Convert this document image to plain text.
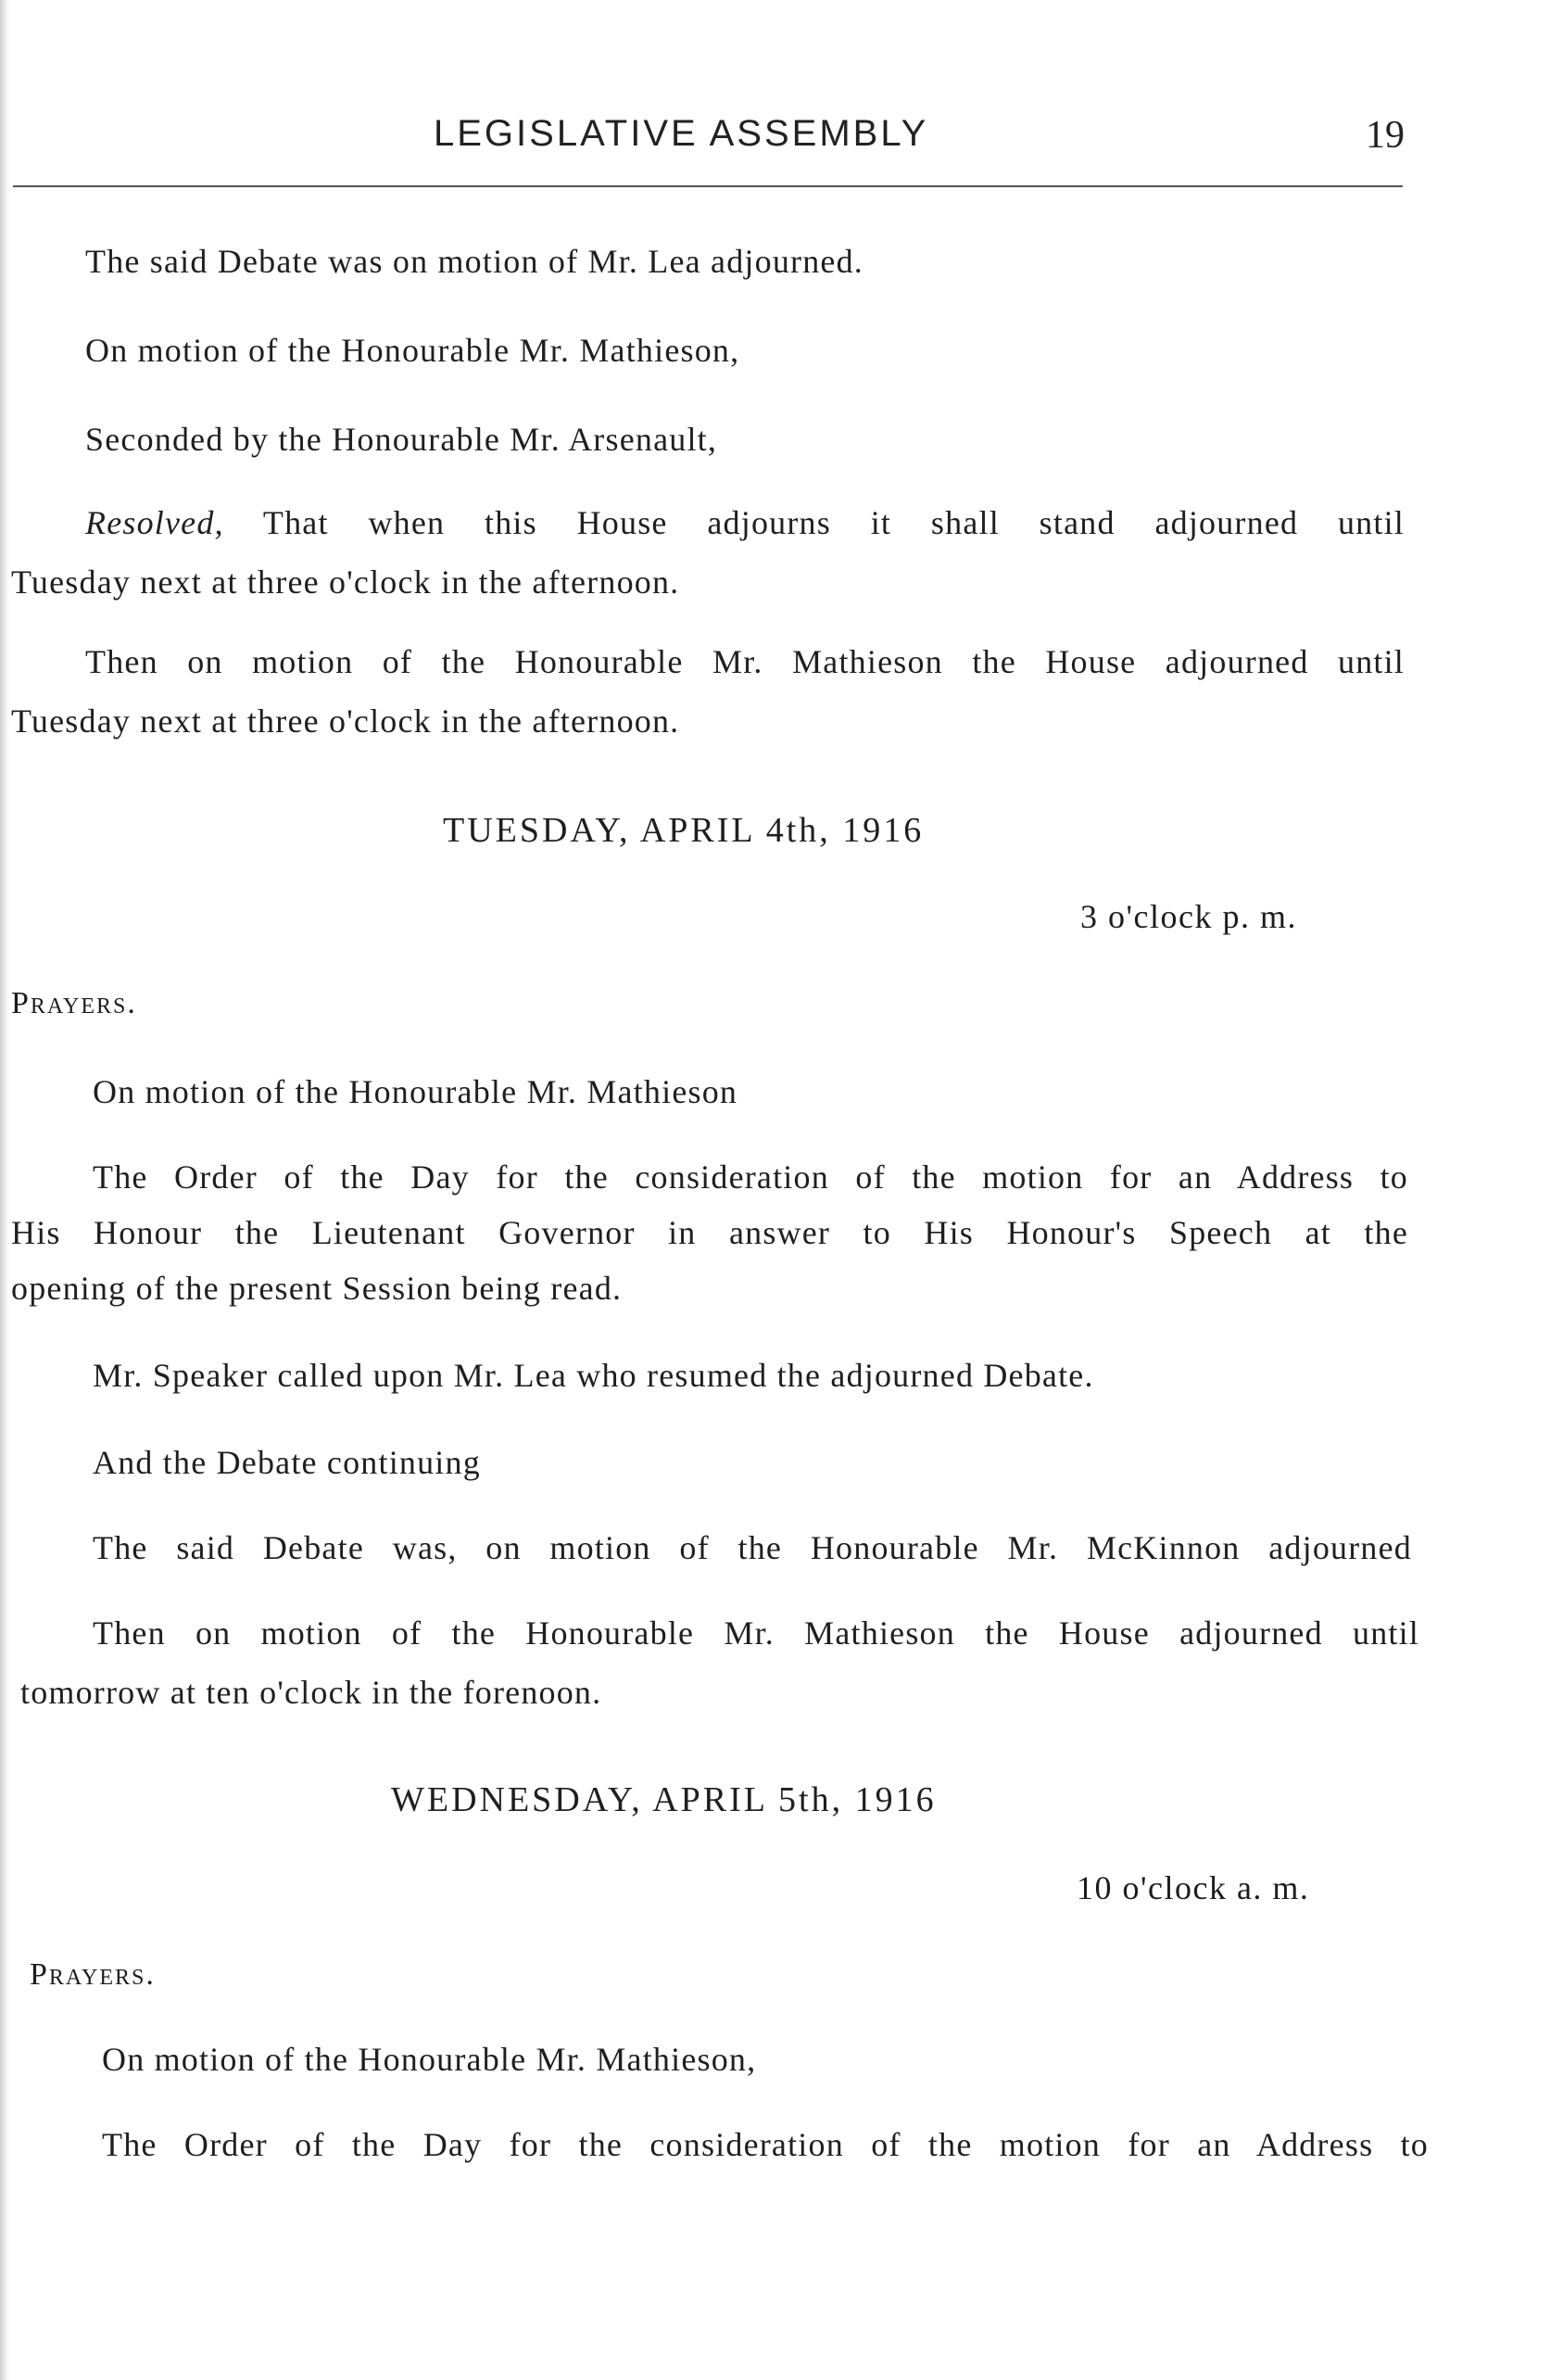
LEGISLATIVE ASSEMBLY	19
The said Debate was on motion of Mr. Lea adjourned.
On motion of the Honourable Mr. Mathieson,
Seconded by the Honourable Mr. Arsenault,
Resolved, That when this House adjourns it shall stand adjourned until
Tuesday next at three o'clock in the afternoon.
Then on motion of the Honourable Mr. Mathieson the House adjourned until
Tuesday next at three o'clock in the afternoon.
TUESDAY, APRIL 4th, 1916
3 o'clock p. m.
Prayers.
On motion of the Honourable Mr. Mathieson
The Order of the Day for the consideration of the motion for an Address to
His Honour the Lieutenant Governor in answer to His Honour's Speech at the
opening of the present Session being read.
Mr. Speaker called upon Mr. Lea who resumed the adjourned Debate.
And the Debate continuing
The said Debate was, on motion of the Honourable Mr. McKinnon adjourned
Then on motion of the Honourable Mr. Mathieson the House adjourned until
tomorrow at ten o'clock in the forenoon.
WEDNESDAY, APRIL 5th, 1916
10 o'clock a. m.
Prayers.
On motion of the Honourable Mr. Mathieson,
The Order of the Day for the consideration of the motion for an Address to
